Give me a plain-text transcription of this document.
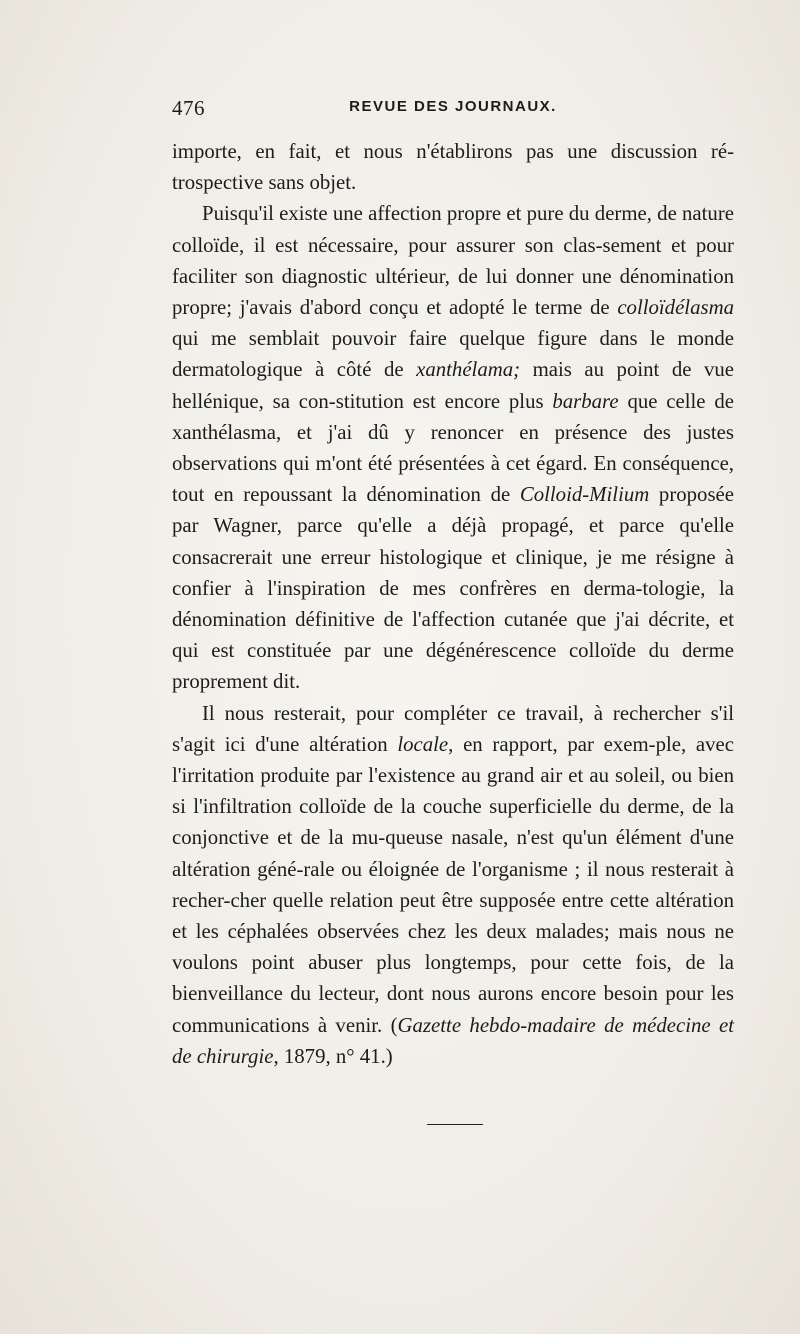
476	REVUE DES JOURNAUX.

importe, en fait, et nous n'établirons pas une discussion ré-trospective sans objet.

Puisqu'il existe une affection propre et pure du derme, de nature colloïde, il est nécessaire, pour assurer son clas-sement et pour faciliter son diagnostic ultérieur, de lui donner une dénomination propre; j'avais d'abord conçu et adopté le terme de colloïdélasma qui me semblait pouvoir faire quelque figure dans le monde dermatologique à côté de xanthélama; mais au point de vue hellénique, sa con-stitution est encore plus barbare que celle de xanthélasma, et j'ai dû y renoncer en présence des justes observations qui m'ont été présentées à cet égard. En conséquence, tout en repoussant la dénomination de Colloid-Milium proposée par Wagner, parce qu'elle a déjà propagé, et parce qu'elle consacrerait une erreur histologique et clinique, je me résigne à confier à l'inspiration de mes confrères en derma-tologie, la dénomination définitive de l'affection cutanée que j'ai décrite, et qui est constituée par une dégénérescence colloïde du derme proprement dit.

Il nous resterait, pour compléter ce travail, à rechercher s'il s'agit ici d'une altération locale, en rapport, par exem-ple, avec l'irritation produite par l'existence au grand air et au soleil, ou bien si l'infiltration colloïde de la couche superficielle du derme, de la conjonctive et de la mu-queuse nasale, n'est qu'un élément d'une altération géné-rale ou éloignée de l'organisme ; il nous resterait à recher-cher quelle relation peut être supposée entre cette altération et les céphalées observées chez les deux malades; mais nous ne voulons point abuser plus longtemps, pour cette fois, de la bienveillance du lecteur, dont nous aurons encore besoin pour les communications à venir. (Gazette hebdo-madaire de médecine et de chirurgie, 1879, n° 41.)
